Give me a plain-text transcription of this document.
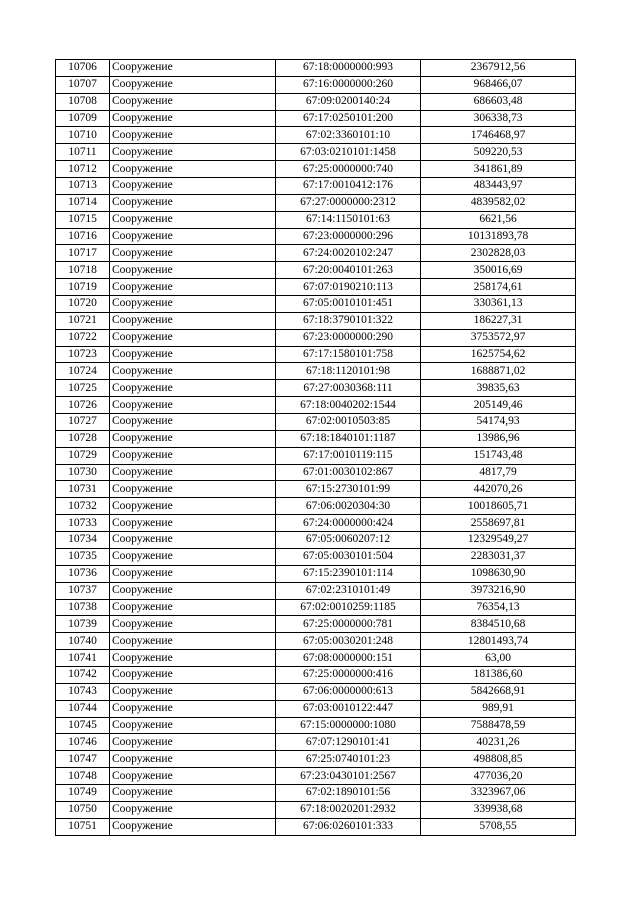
10706	Сооружение	67:18:0000000:993	2367912,56
10707	Сооружение	67:16:0000000:260	968466,07
10708	Сооружение	67:09:0200140:24	686603,48
10709	Сооружение	67:17:0250101:200	306338,73
10710	Сооружение	67:02:3360101:10	1746468,97
10711	Сооружение	67:03:0210101:1458	509220,53
10712	Сооружение	67:25:0000000:740	341861,89
10713	Сооружение	67:17:0010412:176	483443,97
10714	Сооружение	67:27:0000000:2312	4839582,02
10715	Сооружение	67:14:1150101:63	6621,56
10716	Сооружение	67:23:0000000:296	10131893,78
10717	Сооружение	67:24:0020102:247	2302828,03
10718	Сооружение	67:20:0040101:263	350016,69
10719	Сооружение	67:07:0190210:113	258174,61
10720	Сооружение	67:05:0010101:451	330361,13
10721	Сооружение	67:18:3790101:322	186227,31
10722	Сооружение	67:23:0000000:290	3753572,97
10723	Сооружение	67:17:1580101:758	1625754,62
10724	Сооружение	67:18:1120101:98	1688871,02
10725	Сооружение	67:27:0030368:111	39835,63
10726	Сооружение	67:18:0040202:1544	205149,46
10727	Сооружение	67:02:0010503:85	54174,93
10728	Сооружение	67:18:1840101:1187	13986,96
10729	Сооружение	67:17:0010119:115	151743,48
10730	Сооружение	67:01:0030102:867	4817,79
10731	Сооружение	67:15:2730101:99	442070,26
10732	Сооружение	67:06:0020304:30	10018605,71
10733	Сооружение	67:24:0000000:424	2558697,81
10734	Сооружение	67:05:0060207:12	12329549,27
10735	Сооружение	67:05:0030101:504	2283031,37
10736	Сооружение	67:15:2390101:114	1098630,90
10737	Сооружение	67:02:2310101:49	3973216,90
10738	Сооружение	67:02:0010259:1185	76354,13
10739	Сооружение	67:25:0000000:781	8384510,68
10740	Сооружение	67:05:0030201:248	12801493,74
10741	Сооружение	67:08:0000000:151	63,00
10742	Сооружение	67:25:0000000:416	181386,60
10743	Сооружение	67:06:0000000:613	5842668,91
10744	Сооружение	67:03:0010122:447	989,91
10745	Сооружение	67:15:0000000:1080	7588478,59
10746	Сооружение	67:07:1290101:41	40231,26
10747	Сооружение	67:25:0740101:23	498808,85
10748	Сооружение	67:23:0430101:2567	477036,20
10749	Сооружение	67:02:1890101:56	3323967,06
10750	Сооружение	67:18:0020201:2932	339938,68
10751	Сооружение	67:06:0260101:333	5708,55
